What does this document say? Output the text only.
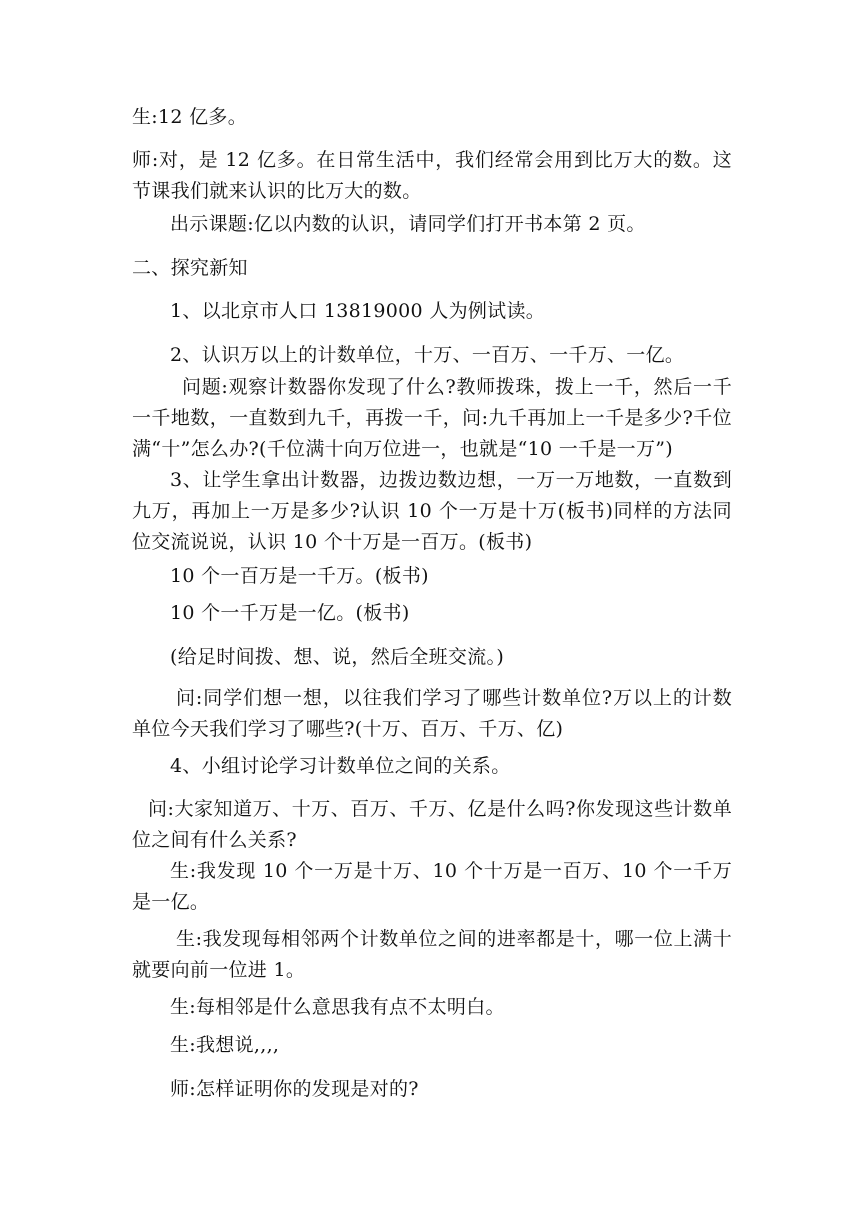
生:12 亿多。

师:对，是 12 亿多。在日常生活中，我们经常会用到比万大的数。这节课我们就来认识的比万大的数。

出示课题:亿以内数的认识，请同学们打开书本第 2 页。

二、探究新知

1、以北京市人口 13819000 人为例试读。

2、认识万以上的计数单位，十万、一百万、一千万、一亿。

问题:观察计数器你发现了什么?教师拨珠，拨上一千，然后一千一千地数，一直数到九千，再拨一千，问:九千再加上一千是多少?千位满“十”怎么办?(千位满十向万位进一，也就是“10 一千是一万”)

3、让学生拿出计数器，边拨边数边想，一万一万地数，一直数到九万，再加上一万是多少?认识 10 个一万是十万(板书)同样的方法同位交流说说，认识 10 个十万是一百万。(板书)

10 个一百万是一千万。(板书)

10 个一千万是一亿。(板书)

(给足时间拨、想、说，然后全班交流。)

问:同学们想一想，以往我们学习了哪些计数单位?万以上的计数单位今天我们学习了哪些?(十万、百万、千万、亿)

4、小组讨论学习计数单位之间的关系。

问:大家知道万、十万、百万、千万、亿是什么吗?你发现这些计数单位之间有什么关系?

生:我发现 10 个一万是十万、10 个十万是一百万、10 个一千万是一亿。

生:我发现每相邻两个计数单位之间的进率都是十，哪一位上满十就要向前一位进 1。

生:每相邻是什么意思我有点不太明白。

生:我想说,,,,

师:怎样证明你的发现是对的?
